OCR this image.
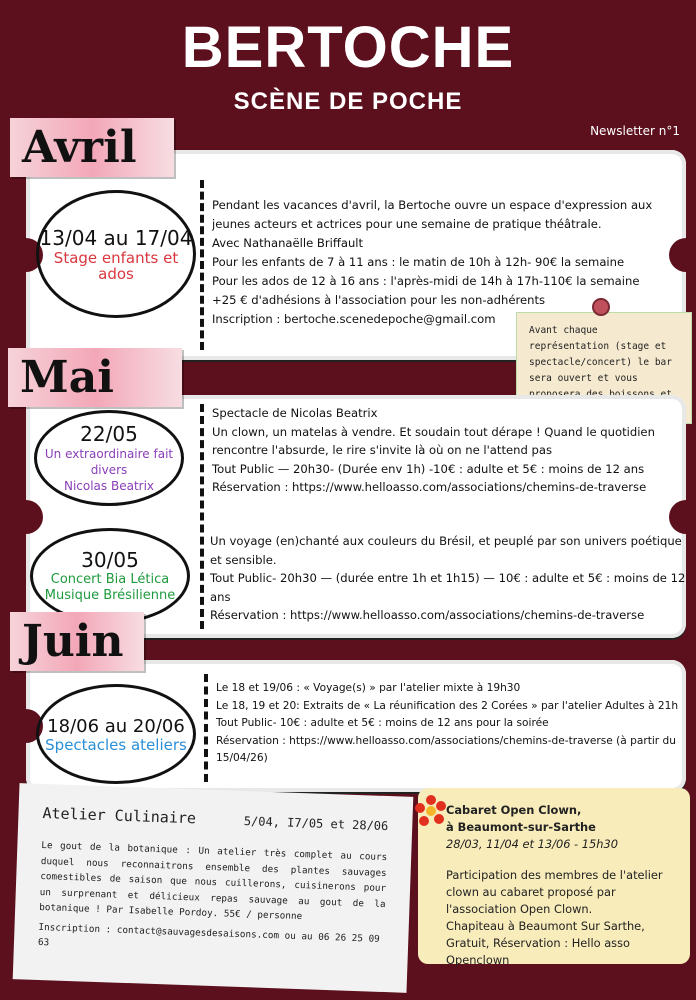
BERTOCHE
SCÈNE DE POCHE
Newsletter n°1
Avril
13/04 au 17/04
Stage enfants et ados

Pendant les vacances d'avril, la Bertoche ouvre un espace d'expression aux

jeunes acteurs et actrices pour une semaine de pratique théâtrale.

Avec Nathanaëlle Briffault

Pour les enfants de 7 à 11 ans : le matin de 10h à 12h- 90€ la semaine

Pour les ados de 12 à 16 ans : l'après-midi de 14h à 17h-110€ la semaine

+25 € d'adhésions à l'association pour les non-adhérents

Inscription : bertoche.scenedepoche@gmail.com

Avant chaque représentation (stage et spectacle/concert) le bar sera ouvert et vous
Mai
22/05
Un extraordinaire fait divers
Nicolas Beatrix
30/05
Concert Bia Lética
Musique Brésilienne

Spectacle de Nicolas Beatrix

Un clown, un matelas à vendre. Et soudain tout dérape ! Quand le quotidien

rencontre l'absurde, le rire s'invite là où on ne l'attend pas

Tout Public — 20h30- (Durée env 1h) -10€ : adulte et 5€ : moins de 12 ans

Réservation : https://www.helloasso.com/associations/chemins-de-traverse

Un voyage (en)chanté aux couleurs du Brésil, et peuplé par son univers poétique

et sensible.

Tout Public- 20h30 — (durée entre 1h et 1h15) — 10€ : adulte et 5€ : moins de 12

ans

Réservation : https://www.helloasso.com/associations/chemins-de-traverse

Juin
18/06 au 20/06
Spectacles ateliers

Le 18 et 19/06 : « Voyage(s) » par l'atelier mixte à 19h30

Le 18, 19 et 20: Extraits de « La réunification des 2 Corées » par l'atelier Adultes à 21h

Tout Public- 10€ : adulte et 5€ : moins de 12 ans pour la soirée

Réservation : https://www.helloasso.com/associations/chemins-de-traverse (à partir du

15/04/26)

Atelier Culinaire	5/04, I7/05 et 28/06
Le gout de la botanique : Un atelier très complet au cours duquel nous reconnaitrons ensemble des plantes sauvages comestibles de saison que nous cuillerons, cuisinerons pour un surprenant et délicieux repas sauvage au gout de la botanique ! Par Isabelle Pordoy. 55€ / personne
Inscription : contact@sauvagesdesaisons.com ou au 06 26 25 09 63
Cabaret Open Clown,
à Beaumont-sur-Sarthe
28/03, 11/04 et 13/06 - 15h30
Participation des membres de l'atelier clown au cabaret proposé par l'association Open Clown.
Chapiteau à Beaumont Sur Sarthe,
Gratuit, Réservation : Hello asso Openclown
